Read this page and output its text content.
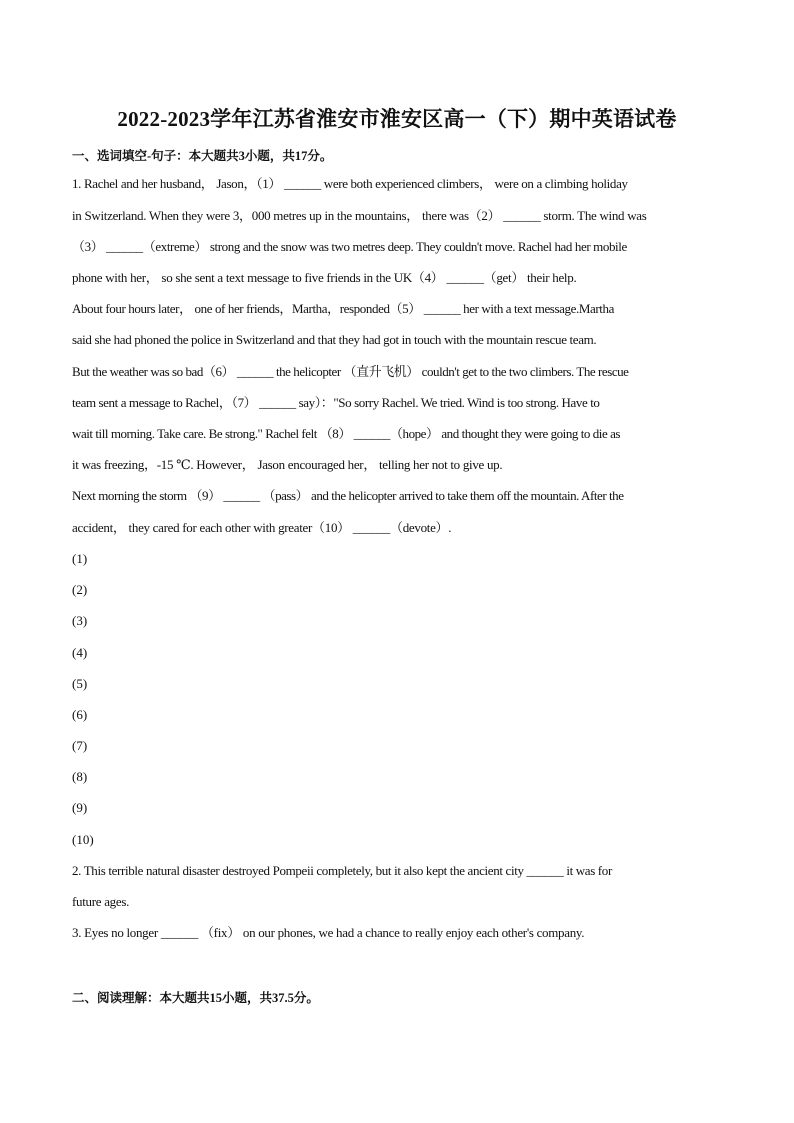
2022-2023学年江苏省淮安市淮安区高一（下）期中英语试卷
一、选词填空-句子：本大题共3小题，共17分。
1. Rachel and her husband， Jason，（1） ______ were both experienced climbers， were on a climbing holiday
in Switzerland. When they were 3，000 metres up in the mountains， there was（2） ______ storm. The wind was
（3） ______（extreme） strong and the snow was two metres deep. They couldn't move. Rachel had her mobile
phone with her， so she sent a text message to five friends in the UK（4） ______（get） their help.
About four hours later， one of her friends，Martha，responded（5） ______ her with a text message.Martha
said she had phoned the police in Switzerland and that they had got in touch with the mountain rescue team.
But the weather was so bad（6） ______ the helicopter （直升飞机） couldn't get to the two climbers. The rescue
team sent a message to Rachel，（7） ______ say）："So sorry Rachel. We tried. Wind is too strong. Have to
wait till morning. Take care. Be strong." Rachel felt （8） ______（hope） and thought they were going to die as
it was freezing，-15 ℃. However， Jason encouraged her， telling her not to give up.
Next morning the storm （9） ______ （pass） and the helicopter arrived to take them off the mountain. After the
accident， they cared for each other with greater（10） ______（devote）.
(1)
(2)
(3)
(4)
(5)
(6)
(7)
(8)
(9)
(10)
2. This terrible natural disaster destroyed Pompeii completely, but it also kept the ancient city ______ it was for
future ages.
3. Eyes no longer ______ （fix） on our phones, we had a chance to really enjoy each other's company.
二、阅读理解：本大题共15小题，共37.5分。
